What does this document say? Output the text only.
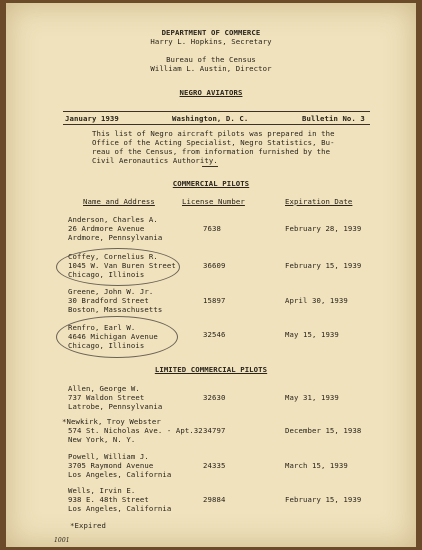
DEPARTMENT OF COMMERCE
Harry L. Hopkins, Secretary
Bureau of the Census
William L. Austin, Director
NEGRO AVIATORS
January 1939	Washington, D. C.	Bulletin No. 3
This list of Negro aircraft pilots was prepared in the
Office of the Acting Specialist, Negro Statistics, Bu-
reau of the Census, from information furnished by the
Civil Aeronautics Authority.
COMMERCIAL PILOTS
Name and Address	License Number	Expiration Date
Anderson, Charles A.
26 Ardmore Avenue
Ardmore, Pennsylvania
7638	February 28, 1939
Coffey, Cornelius R.
1045 W. Van Buren Street
Chicago, Illinois
36609	February 15, 1939
Greene, John W. Jr.
30 Bradford Street
Boston, Massachusetts
15897	April 30, 1939
Renfro, Earl W.
4646 Michigan Avenue
Chicago, Illinois
32546	May 15, 1939
LIMITED COMMERCIAL PILOTS
Allen, George W.
737 Waldon Street
Latrobe, Pennsylvania
32630	May 31, 1939
*Newkirk, Troy Webster
574 St. Nicholas Ave. - Apt.32
New York, N. Y.
34797	December 15, 1938
Powell, William J.
3705 Raymond Avenue
Los Angeles, California
24335	March 15, 1939
Wells, Irvin E.
938 E. 48th Street
Los Angeles, California
29884	February 15, 1939
*Expired
1001
